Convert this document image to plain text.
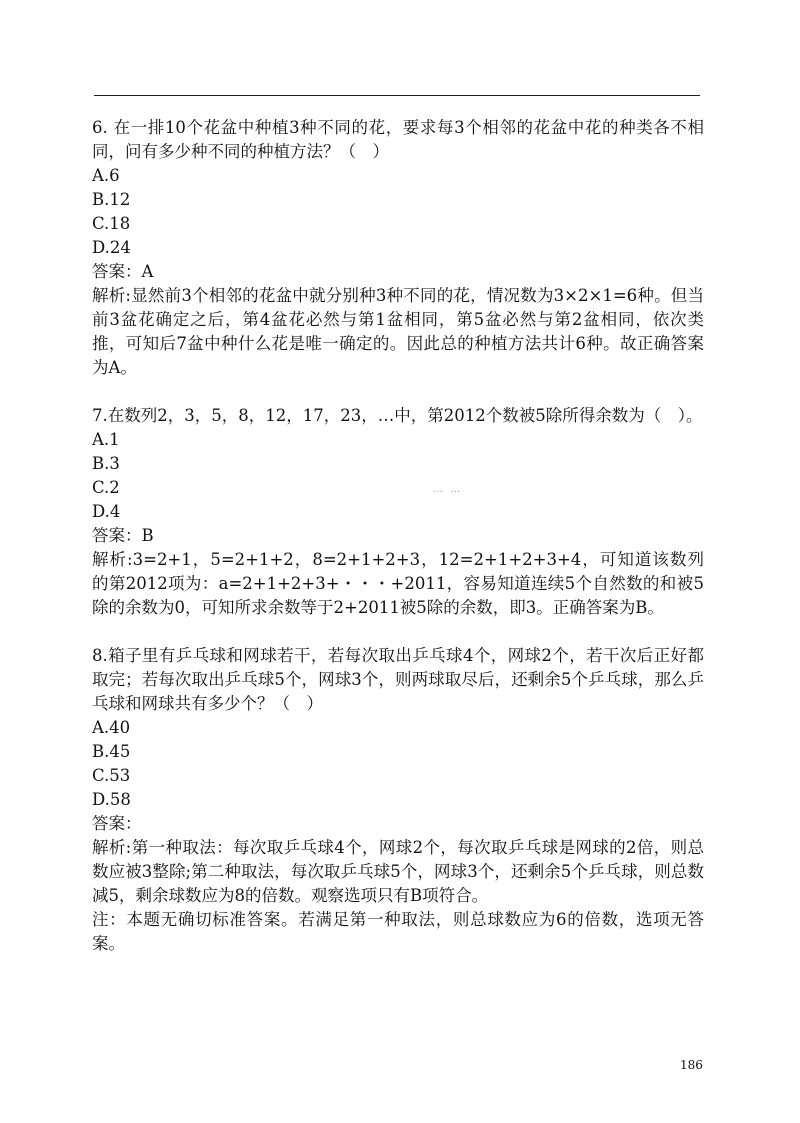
6. 在一排10个花盆中种植3种不同的花，要求每3个相邻的花盆中花的种类各不相同，问有多少种不同的种植方法？（　）

A.6

B.12

C.18

D.24

答案：A

解析:显然前3个相邻的花盆中就分别种3种不同的花，情况数为3×2×1=6种。但当前3盆花确定之后，第4盆花必然与第1盆相同，第5盆必然与第2盆相同，依次类推，可知后7盆中种什么花是唯一确定的。因此总的种植方法共计6种。故正确答案为A。

7.在数列2，3，5，8，12，17，23，…中，第2012个数被5除所得余数为（　）。

A.1

B.3

C.2

D.4

答案：B

解析:3=2+1，5=2+1+2，8=2+1+2+3，12=2+1+2+3+4，可知道该数列的第2012项为：a=2+1+2+3+・・・+2011，容易知道连续5个自然数的和被5除的余数为0，可知所求余数等于2+2011被5除的余数，即3。正确答案为B。

8.箱子里有乒乓球和网球若干，若每次取出乒乓球4个，网球2个，若干次后正好都取完；若每次取出乒乓球5个，网球3个，则两球取尽后，还剩余5个乒乓球，那么乒乓球和网球共有多少个？（　）

A.40

B.45

C.53

D.58

答案：

解析:第一种取法：每次取乒乓球4个，网球2个，每次取乒乓球是网球的2倍，则总数应被3整除;第二种取法，每次取乒乓球5个，网球3个，还剩余5个乒乓球，则总数减5，剩余球数应为8的倍数。观察选项只有B项符合。

注：本题无确切标准答案。若满足第一种取法，则总球数应为6的倍数，选项无答案。

… …
186
